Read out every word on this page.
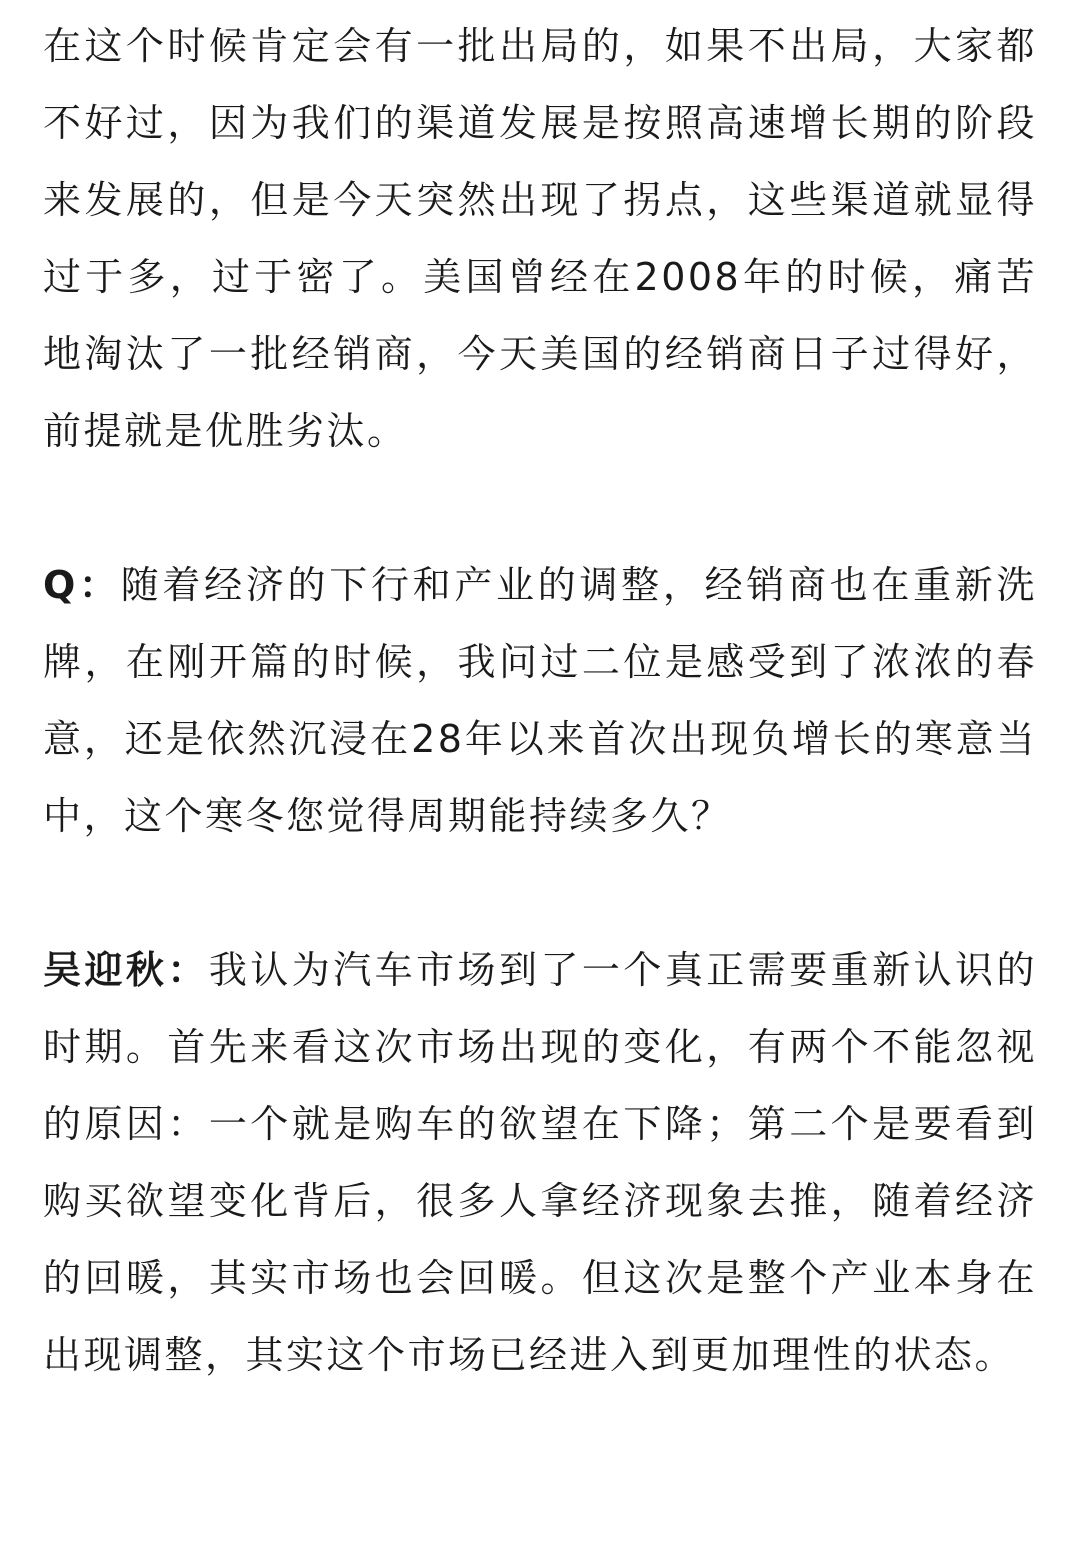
在这个时候肯定会有一批出局的，如果不出局，大家都不好过，因为我们的渠道发展是按照高速增长期的阶段来发展的，但是今天突然出现了拐点，这些渠道就显得过于多，过于密了。美国曾经在2008年的时候，痛苦地淘汰了一批经销商，今天美国的经销商日子过得好，前提就是优胜劣汰。

Q：随着经济的下行和产业的调整，经销商也在重新洗牌，在刚开篇的时候，我问过二位是感受到了浓浓的春意，还是依然沉浸在28年以来首次出现负增长的寒意当中，这个寒冬您觉得周期能持续多久？

吴迎秋：我认为汽车市场到了一个真正需要重新认识的时期。首先来看这次市场出现的变化，有两个不能忽视的原因：一个就是购车的欲望在下降；第二个是要看到购买欲望变化背后，很多人拿经济现象去推，随着经济的回暖，其实市场也会回暖。但这次是整个产业本身在出现调整，其实这个市场已经进入到更加理性的状态。
